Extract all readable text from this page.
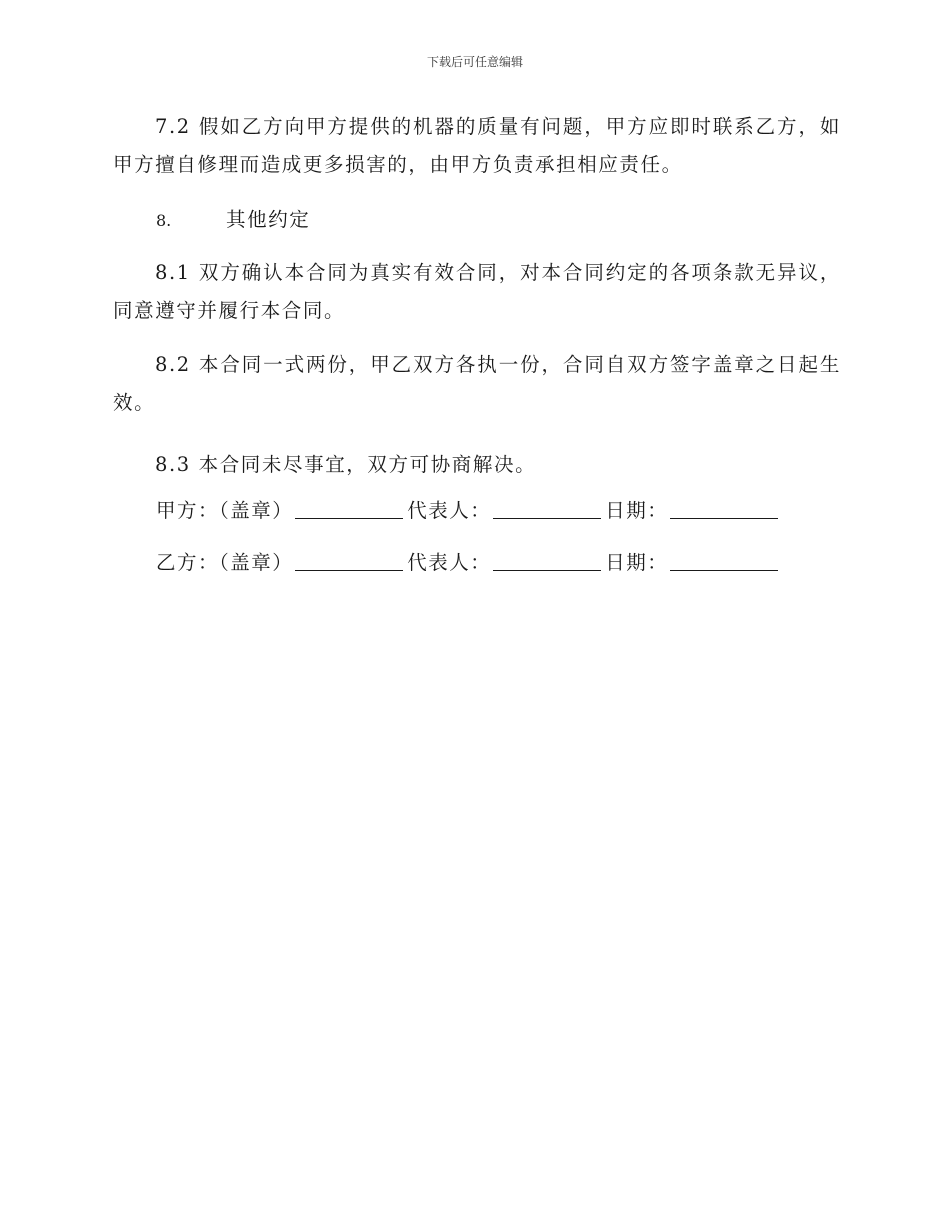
下载后可任意编辑

7.2 假如乙方向甲方提供的机器的质量有问题，甲方应即时联系乙方，如甲方擅自修理而造成更多损害的，由甲方负责承担相应责任。

8.	其他约定

8.1 双方确认本合同为真实有效合同，对本合同约定的各项条款无异议，同意遵守并履行本合同。

8.2 本合同一式两份，甲乙双方各执一份，合同自双方签字盖章之日起生效。

8.3 本合同未尽事宜，双方可协商解决。

甲方：（盖章）	代表人：	日期：

乙方：（盖章）	代表人：	日期：
